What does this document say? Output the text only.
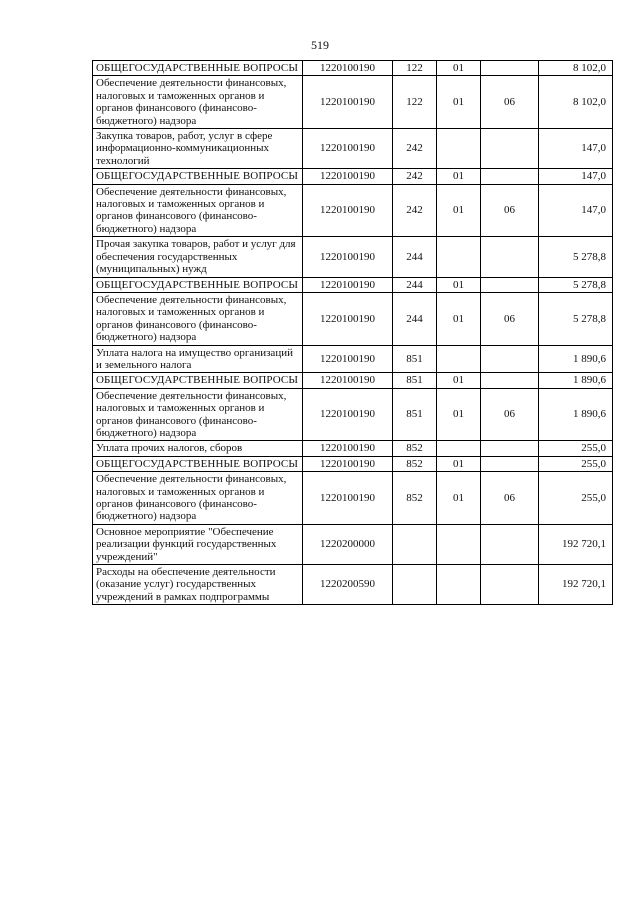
519
ОБЩЕГОСУДАРСТВЕННЫЕ ВОПРОСЫ	1220100190	122	01		8 102,0
Обеспечение деятельности финансовых, налоговых и таможенных органов и органов финансового (финансово-бюджетного) надзора	1220100190	122	01	06	8 102,0
Закупка товаров, работ, услуг в сфере информационно-коммуникационных технологий	1220100190	242			147,0
ОБЩЕГОСУДАРСТВЕННЫЕ ВОПРОСЫ	1220100190	242	01		147,0
Обеспечение деятельности финансовых, налоговых и таможенных органов и органов финансового (финансово-бюджетного) надзора	1220100190	242	01	06	147,0
Прочая закупка товаров, работ и услуг для обеспечения государственных (муниципальных) нужд	1220100190	244			5 278,8
ОБЩЕГОСУДАРСТВЕННЫЕ ВОПРОСЫ	1220100190	244	01		5 278,8
Обеспечение деятельности финансовых, налоговых и таможенных органов и органов финансового (финансово-бюджетного) надзора	1220100190	244	01	06	5 278,8
Уплата налога на имущество организаций и земельного налога	1220100190	851			1 890,6
ОБЩЕГОСУДАРСТВЕННЫЕ ВОПРОСЫ	1220100190	851	01		1 890,6
Обеспечение деятельности финансовых, налоговых и таможенных органов и органов финансового (финансово-бюджетного) надзора	1220100190	851	01	06	1 890,6
Уплата прочих налогов, сборов	1220100190	852			255,0
ОБЩЕГОСУДАРСТВЕННЫЕ ВОПРОСЫ	1220100190	852	01		255,0
Обеспечение деятельности финансовых, налоговых и таможенных органов и органов финансового (финансово-бюджетного) надзора	1220100190	852	01	06	255,0
Основное мероприятие "Обеспечение реализации функций государственных учреждений"	1220200000				192 720,1
Расходы на обеспечение деятельности (оказание услуг) государственных учреждений в рамках подпрограммы	1220200590				192 720,1
